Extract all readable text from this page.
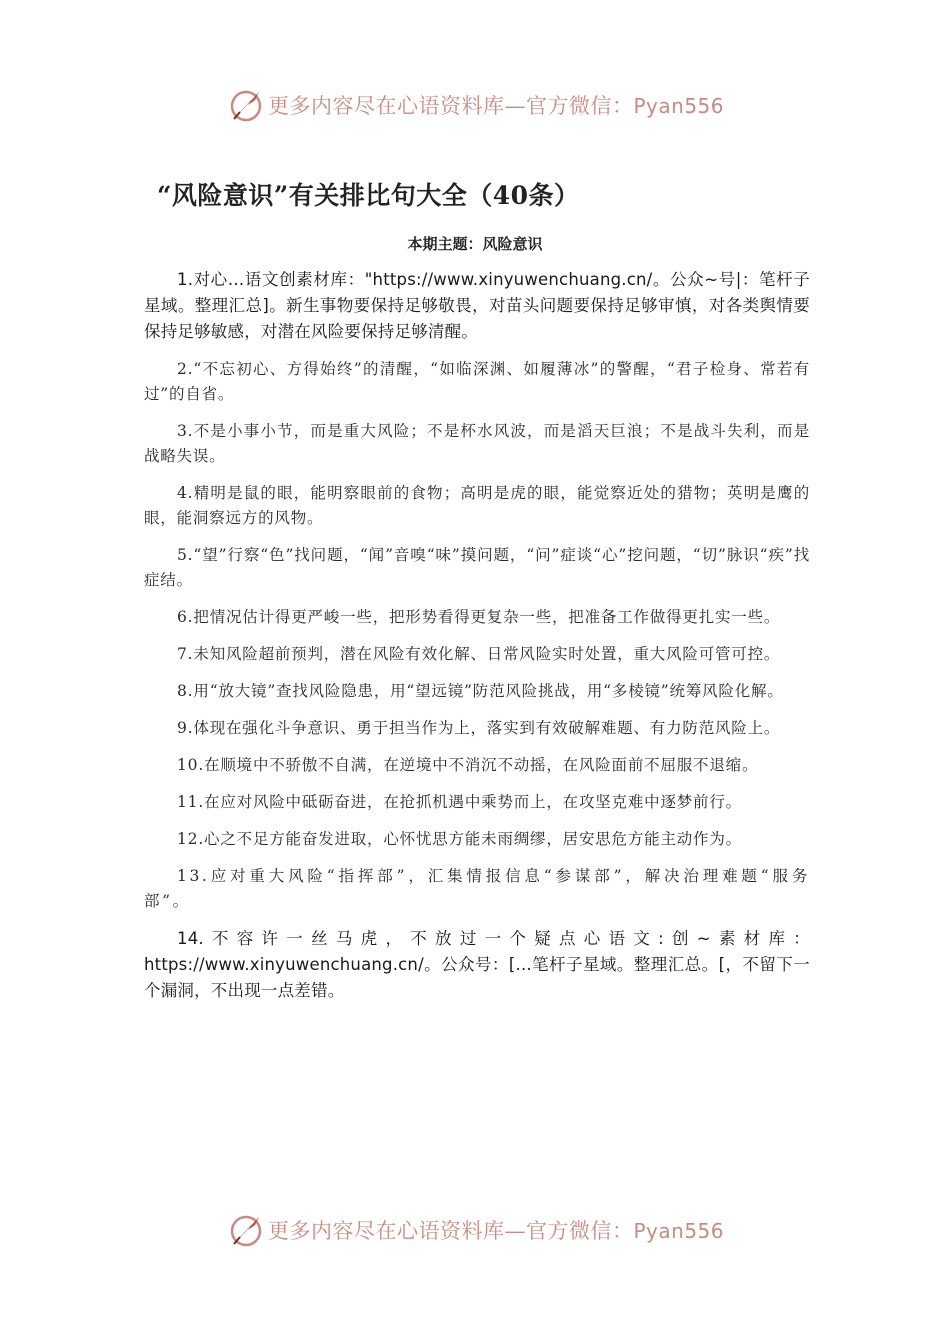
更多内容尽在心语资料库—官方微信：Pyan556
“风险意识”有关排比句大全（40条）
本期主题：风险意识

1.对心…语文创素材库："https://www.xinyuwenchuang.cn/。公众~号|：笔杆子星域。整理汇总]。新生事物要保持足够敬畏，对苗头问题要保持足够审慎，对各类舆情要保持足够敏感，对潜在风险要保持足够清醒。

2.“不忘初心、方得始终”的清醒，“如临深渊、如履薄冰”的警醒，“君子检身、常若有过”的自省。

3.不是小事小节，而是重大风险；不是杯水风波，而是滔天巨浪；不是战斗失利，而是战略失误。

4.精明是鼠的眼，能明察眼前的食物；高明是虎的眼，能觉察近处的猎物；英明是鹰的眼，能洞察远方的风物。

5.“望”行察“色”找问题，“闻”音嗅“味”摸问题，“问”症谈“心”挖问题，“切”脉识“疾”找症结。

6.把情况估计得更严峻一些，把形势看得更复杂一些，把准备工作做得更扎实一些。

7.未知风险超前预判，潜在风险有效化解、日常风险实时处置，重大风险可管可控。

8.用“放大镜”查找风险隐患，用“望远镜”防范风险挑战，用“多棱镜”统筹风险化解。

9.体现在强化斗争意识、勇于担当作为上，落实到有效破解难题、有力防范风险上。

10.在顺境中不骄傲不自满，在逆境中不消沉不动摇，在风险面前不屈服不退缩。

11.在应对风险中砥砺奋进，在抢抓机遇中乘势而上，在攻坚克难中逐梦前行。

12.心之不足方能奋发进取，心怀忧思方能未雨绸缪，居安思危方能主动作为。

13.应对重大风险“指挥部”，汇集情报信息“参谋部”，解决治理难题“服务部”。

14.不容许一丝马虎，不放过一个疑点心语文:创~素材库：https://www.xinyuwenchuang.cn/。公众号：[...笔杆子星域。整理汇总。[，不留下一个漏洞，不出现一点差错。

更多内容尽在心语资料库—官方微信：Pyan556
